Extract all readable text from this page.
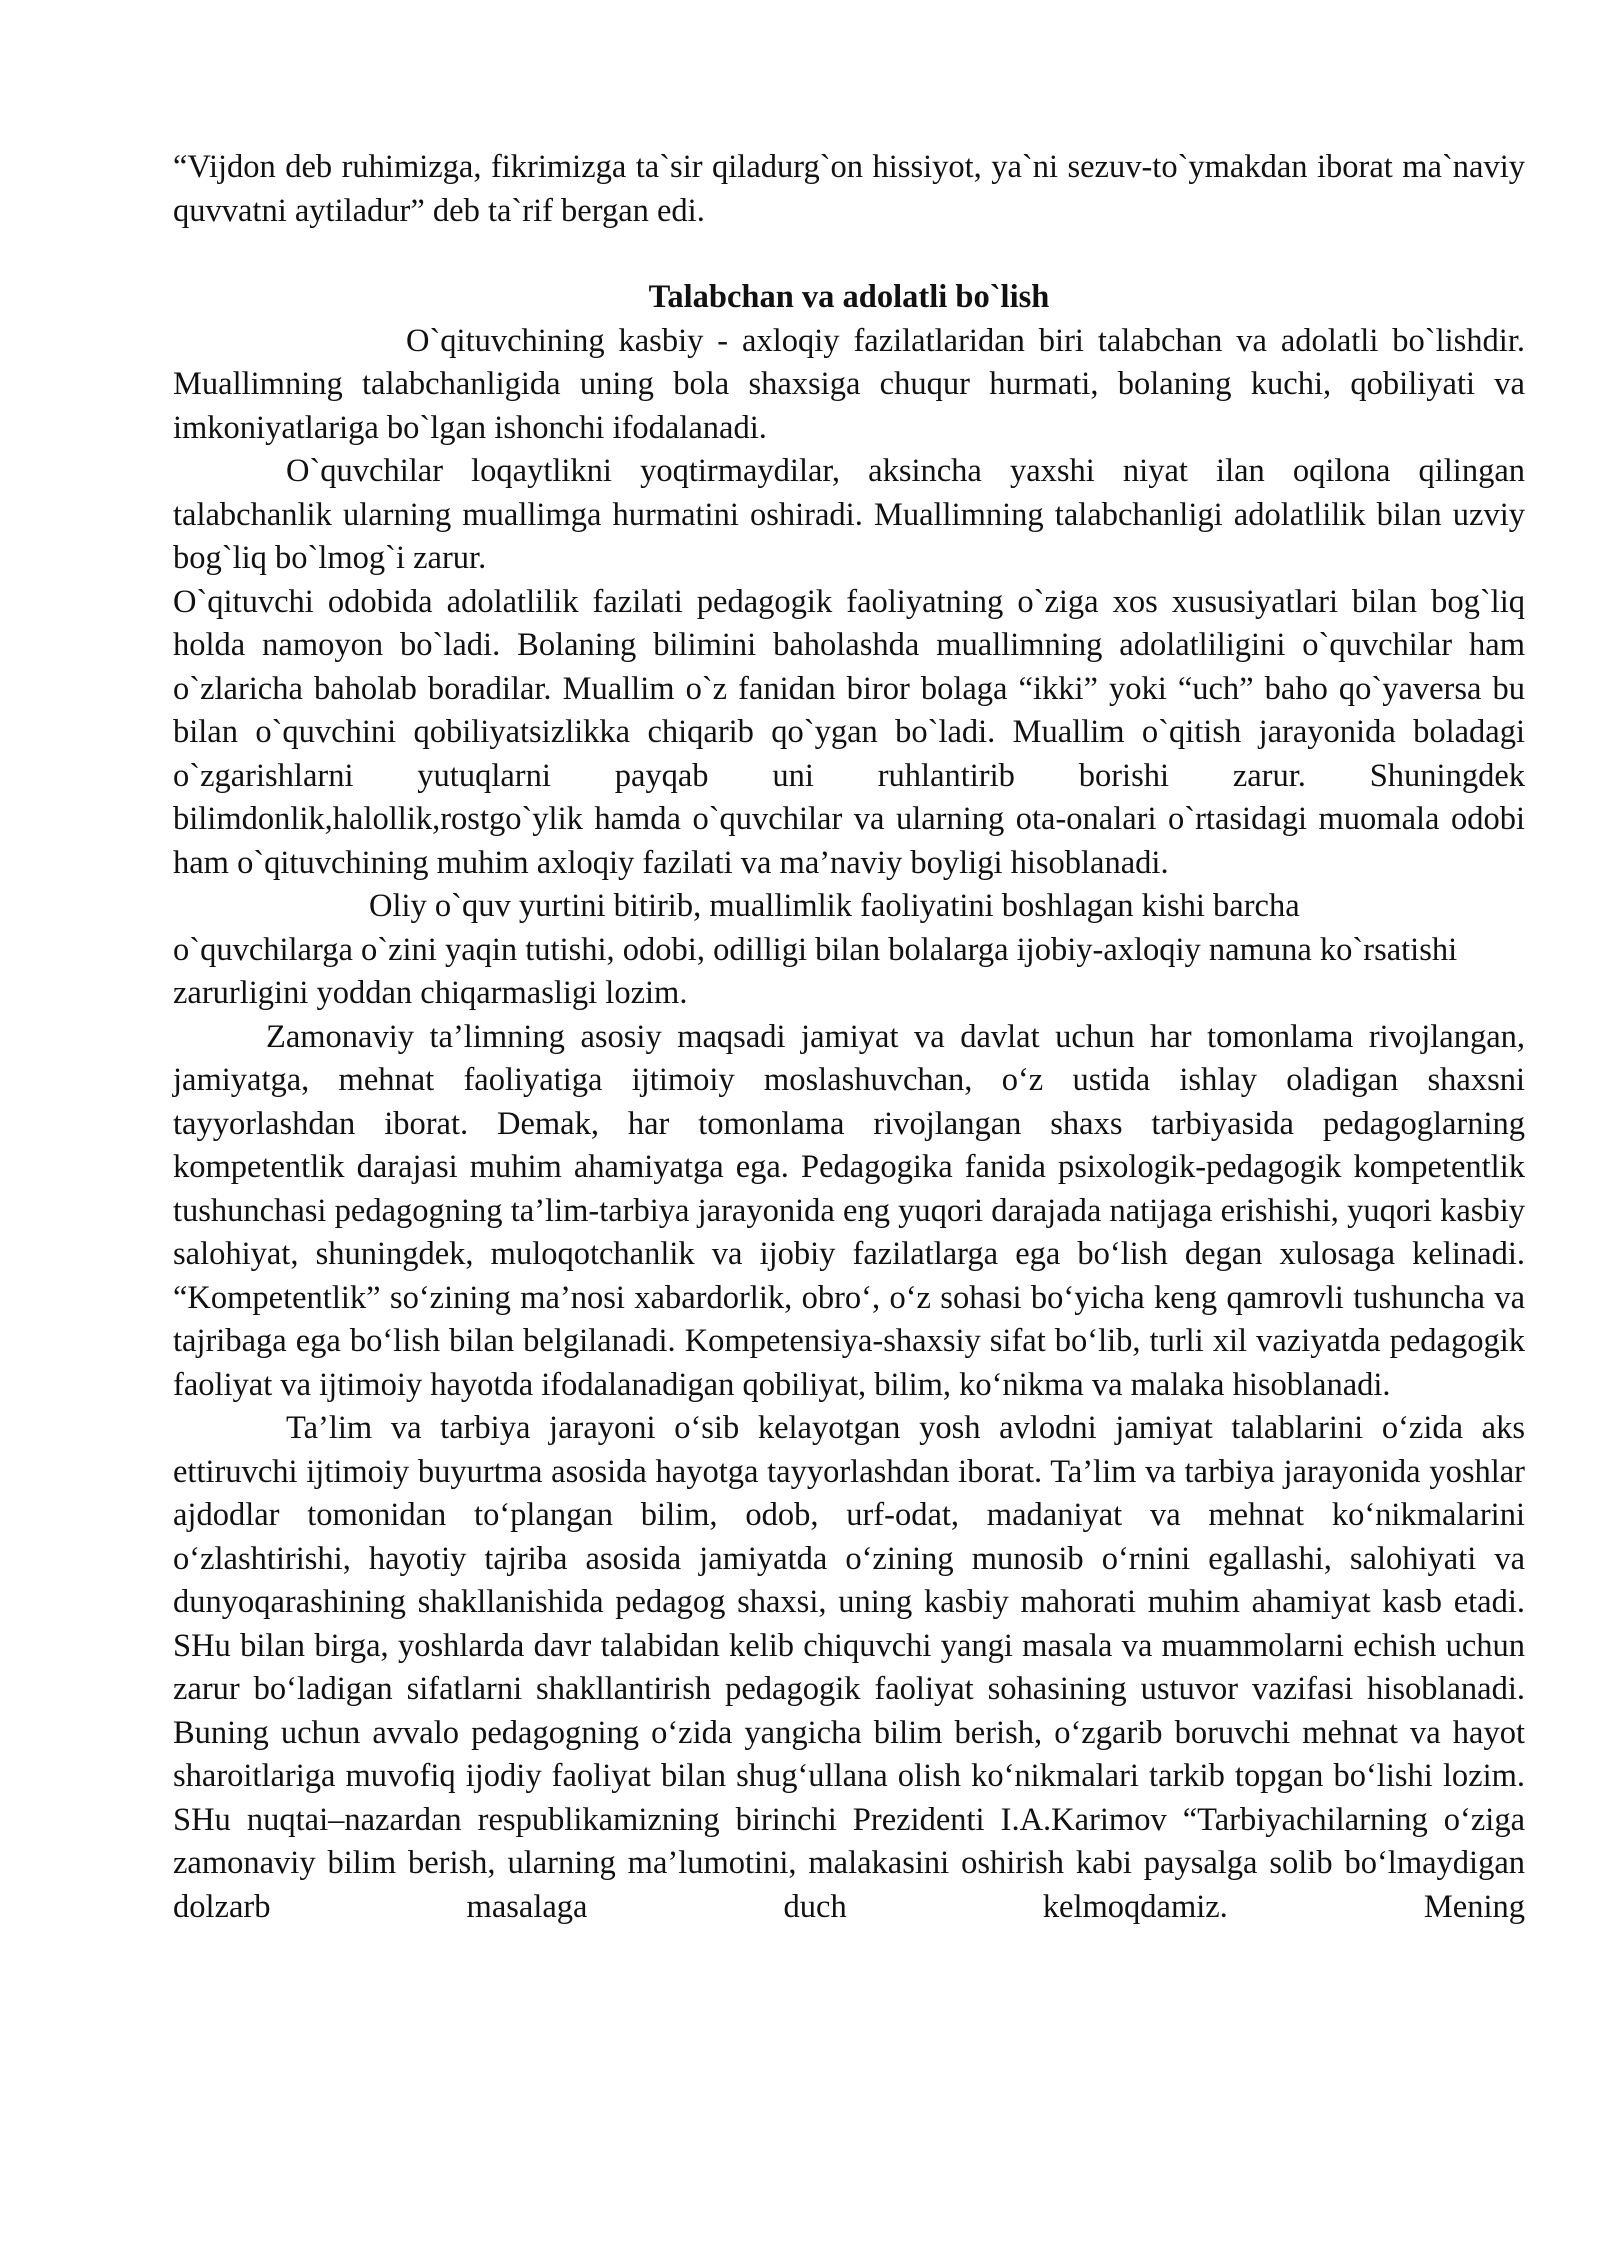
“Vijdon deb ruhimizga, fikrimizga ta`sir qiladurg`on hissiyot, ya`ni sezuv-to`ymakdan iborat ma`naviy quvvatni aytiladur” deb ta`rif bergan edi.

Talabchan va adolatli bo`lish

O`qituvchining kasbiy - axloqiy fazilatlaridan biri talabchan va adolatli bo`lishdir. Muallimning talabchanligida uning bola shaxsiga chuqur hurmati, bolaning kuchi, qobiliyati va imkoniyatlariga bo`lgan ishonchi ifodalanadi.

O`quvchilar loqaytlikni yoqtirmaydilar, aksincha yaxshi niyat ilan oqilona qilingan talabchanlik ularning muallimga hurmatini oshiradi. Muallimning talabchanligi adolatlilik bilan uzviy bog`liq bo`lmog`i zarur.

O`qituvchi odobida adolatlilik fazilati pedagogik faoliyatning o`ziga xos xususiyatlari bilan bog`liq holda namoyon bo`ladi. Bolaning bilimini baholashda muallimning adolatliligini o`quvchilar ham o`zlaricha baholab boradilar. Muallim o`z fanidan biror bolaga “ikki” yoki “uch” baho qo`yaversa bu bilan o`quvchini qobiliyatsizlikka chiqarib qo`ygan bo`ladi. Muallim o`qitish jarayonida boladagi o`zgarishlarni yutuqlarni payqab uni ruhlantirib borishi zarur. Shuningdek bilimdonlik,halollik,rostgo`ylik hamda o`quvchilar va ularning ota-onalari o`rtasidagi muomala odobi ham o`qituvchining muhim axloqiy fazilati va ma’naviy boyligi hisoblanadi.

Oliy o`quv yurtini bitirib, muallimlik faoliyatini boshlagan kishi barcha o`quvchilarga o`zini yaqin tutishi, odobi, odilligi bilan bolalarga ijobiy-axloqiy namuna ko`rsatishi zarurligini yoddan chiqarmasligi lozim.

Zamonaviy ta’limning asosiy maqsadi jamiyat va davlat uchun har tomonlama rivojlangan, jamiyatga, mehnat faoliyatiga ijtimoiy moslashuvchan, o‘z ustida ishlay oladigan shaxsni tayyorlashdan iborat. Demak, har tomonlama rivojlangan shaxs tarbiyasida pedagoglarning kompetentlik darajasi muhim ahamiyatga ega. Pedagogika fanida psixologik-pedagogik kompetentlik tushunchasi pedagogning ta’lim-tarbiya jarayonida eng yuqori darajada natijaga erishishi, yuqori kasbiy salohiyat, shuningdek, muloqotchanlik va ijobiy fazilatlarga ega bo‘lish degan xulosaga kelinadi. “Kompetentlik” so‘zining ma’nosi xabardorlik, obro‘, o‘z sohasi bo‘yicha keng qamrovli tushuncha va tajribaga ega bo‘lish bilan belgilanadi. Kompetensiya-shaxsiy sifat bo‘lib, turli xil vaziyatda pedagogik faoliyat va ijtimoiy hayotda ifodalanadigan qobiliyat, bilim, ko‘nikma va malaka hisoblanadi.

Ta’lim va tarbiya jarayoni o‘sib kelayotgan yosh avlodni jamiyat talablarini o‘zida aks ettiruvchi ijtimoiy buyurtma asosida hayotga tayyorlashdan iborat. Ta’lim va tarbiya jarayonida yoshlar ajdodlar tomonidan to‘plangan bilim, odob, urf-odat, madaniyat va mehnat ko‘nikmalarini o‘zlashtirishi, hayotiy tajriba asosida jamiyatda o‘zining munosib o‘rnini egallashi, salohiyati va dunyoqarashining shakllanishida pedagog shaxsi, uning kasbiy mahorati muhim ahamiyat kasb etadi. SHu bilan birga, yoshlarda davr talabidan kelib chiquvchi yangi masala va muammolarni echish uchun zarur bo‘ladigan sifatlarni shakllantirish pedagogik faoliyat sohasining ustuvor vazifasi hisoblanadi. Buning uchun avvalo pedagogning o‘zida yangicha bilim berish, o‘zgarib boruvchi mehnat va hayot sharoitlariga muvofiq ijodiy faoliyat bilan shug‘ullana olish ko‘nikmalari tarkib topgan bo‘lishi lozim. SHu nuqtai–nazardan respublikamizning birinchi Prezidenti I.A.Karimov “Tarbiyachilarning o‘ziga zamonaviy bilim berish, ularning ma’lumotini, malakasini oshirish kabi paysalga solib bo‘lmaydigan dolzarb masalaga duch kelmoqdamiz. Mening
